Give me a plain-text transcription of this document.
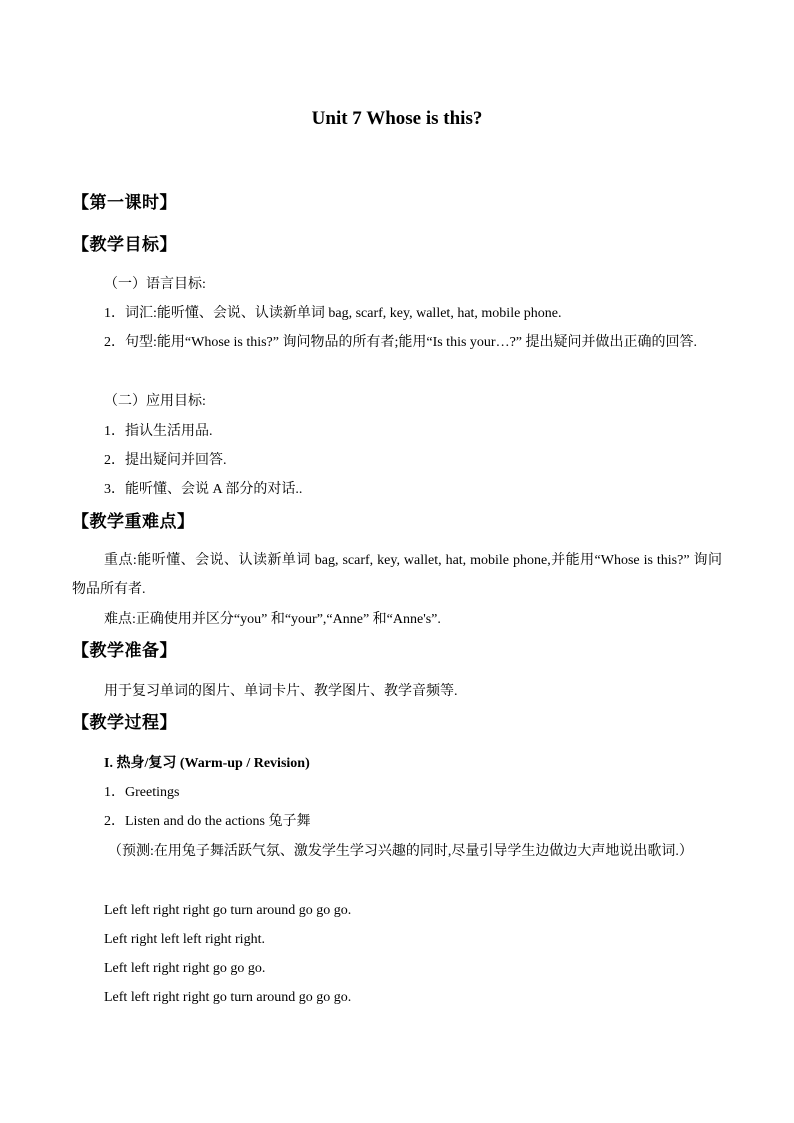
Unit 7 Whose is this?
【第一课时】
【教学目标】
（一）语言目标:
1．词汇:能听懂、会说、认读新单词 bag, scarf, key, wallet, hat, mobile phone.
2．句型:能用“Whose is this?” 询问物品的所有者;能用“Is this your…?” 提出疑问并做出正确的回答.
（二）应用目标:
1．指认生活用品.
2．提出疑问并回答.
3．能听懂、会说 A 部分的对话..
【教学重难点】
重点:能听懂、会说、认读新单词 bag, scarf, key, wallet, hat, mobile phone,并能用“Whose is this?” 询问物品所有者.
难点:正确使用并区分“you” 和“your”,“Anne” 和“Anne's”.
【教学准备】
用于复习单词的图片、单词卡片、教学图片、教学音频等.
【教学过程】
I. 热身/复习 (Warm-up / Revision)
1．Greetings
2．Listen and do the actions 兔子舞
（预测:在用兔子舞活跃气氛、激发学生学习兴趣的同时,尽量引导学生边做边大声地说出歌词.）
Left left right right go turn around go go go.
Left right left left right right.
Left left right right go go go.
Left left right right go turn around go go go.
